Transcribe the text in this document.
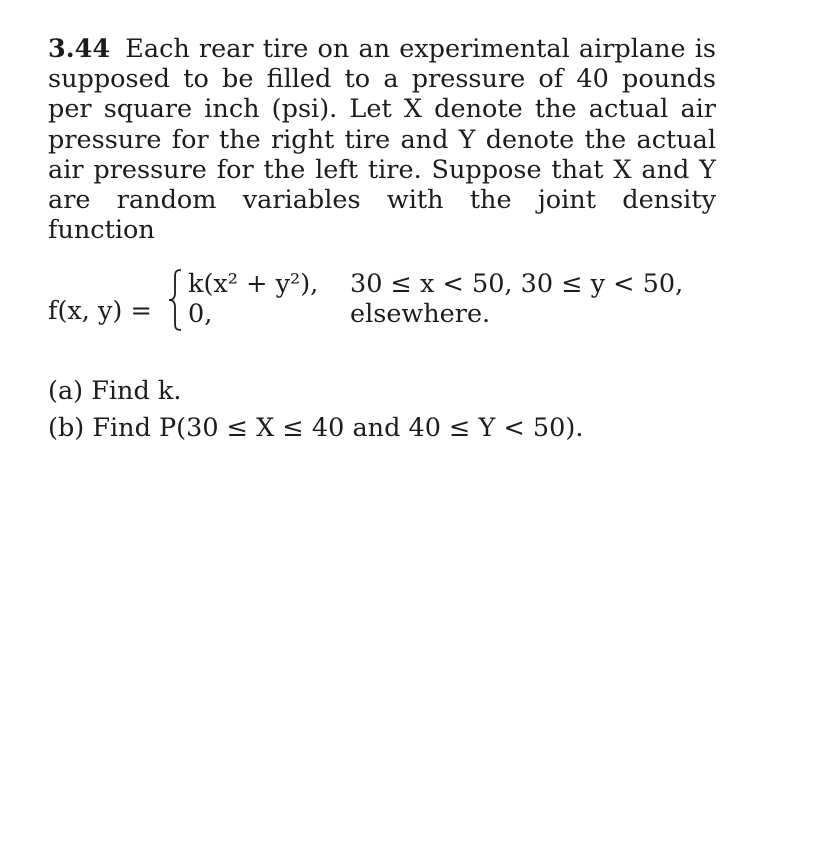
3.44 Each rear tire on an experimental airplane is supposed to be filled to a pressure of 40 pounds per square inch (psi). Let X denote the actual air pressure for the right tire and Y denote the actual air pressure for the left tire. Suppose that X and Y are random variables with the joint density function

f(x, y) =
k(x² + y²), 30 ≤ x < 50, 30 ≤ y < 50,
0,	elsewhere.

(a) Find k.

(b) Find P(30 ≤ X ≤ 40 and 40 ≤ Y < 50).
